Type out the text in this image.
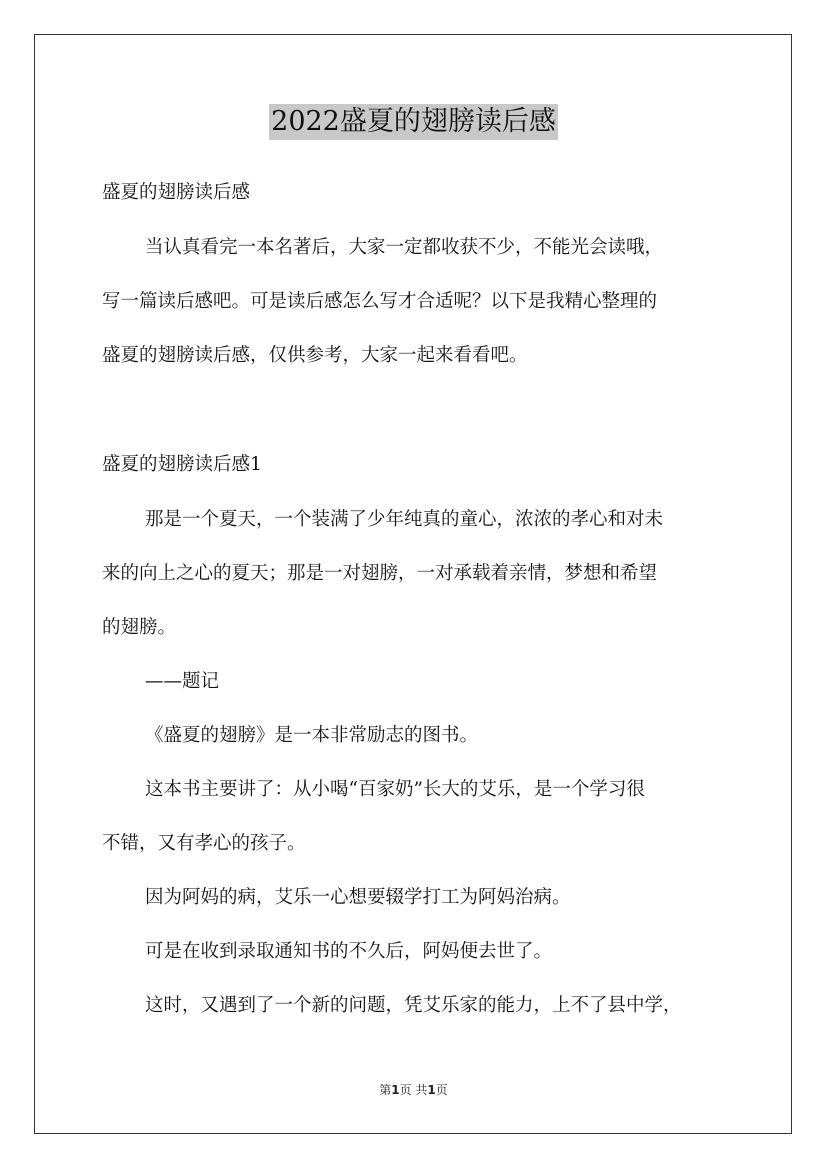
2022盛夏的翅膀读后感
盛夏的翅膀读后感
当认真看完一本名著后，大家一定都收获不少，不能光会读哦，
写一篇读后感吧。可是读后感怎么写才合适呢？以下是我精心整理的
盛夏的翅膀读后感，仅供参考，大家一起来看看吧。
盛夏的翅膀读后感1
那是一个夏天，一个装满了少年纯真的童心，浓浓的孝心和对未
来的向上之心的夏天；那是一对翅膀，一对承载着亲情，梦想和希望
的翅膀。
——题记
《盛夏的翅膀》是一本非常励志的图书。
这本书主要讲了：从小喝“百家奶”长大的艾乐，是一个学习很
不错，又有孝心的孩子。
因为阿妈的病，艾乐一心想要辍学打工为阿妈治病。
可是在收到录取通知书的不久后，阿妈便去世了。
这时，又遇到了一个新的问题，凭艾乐家的能力，上不了县中学，
第1页 共1页
